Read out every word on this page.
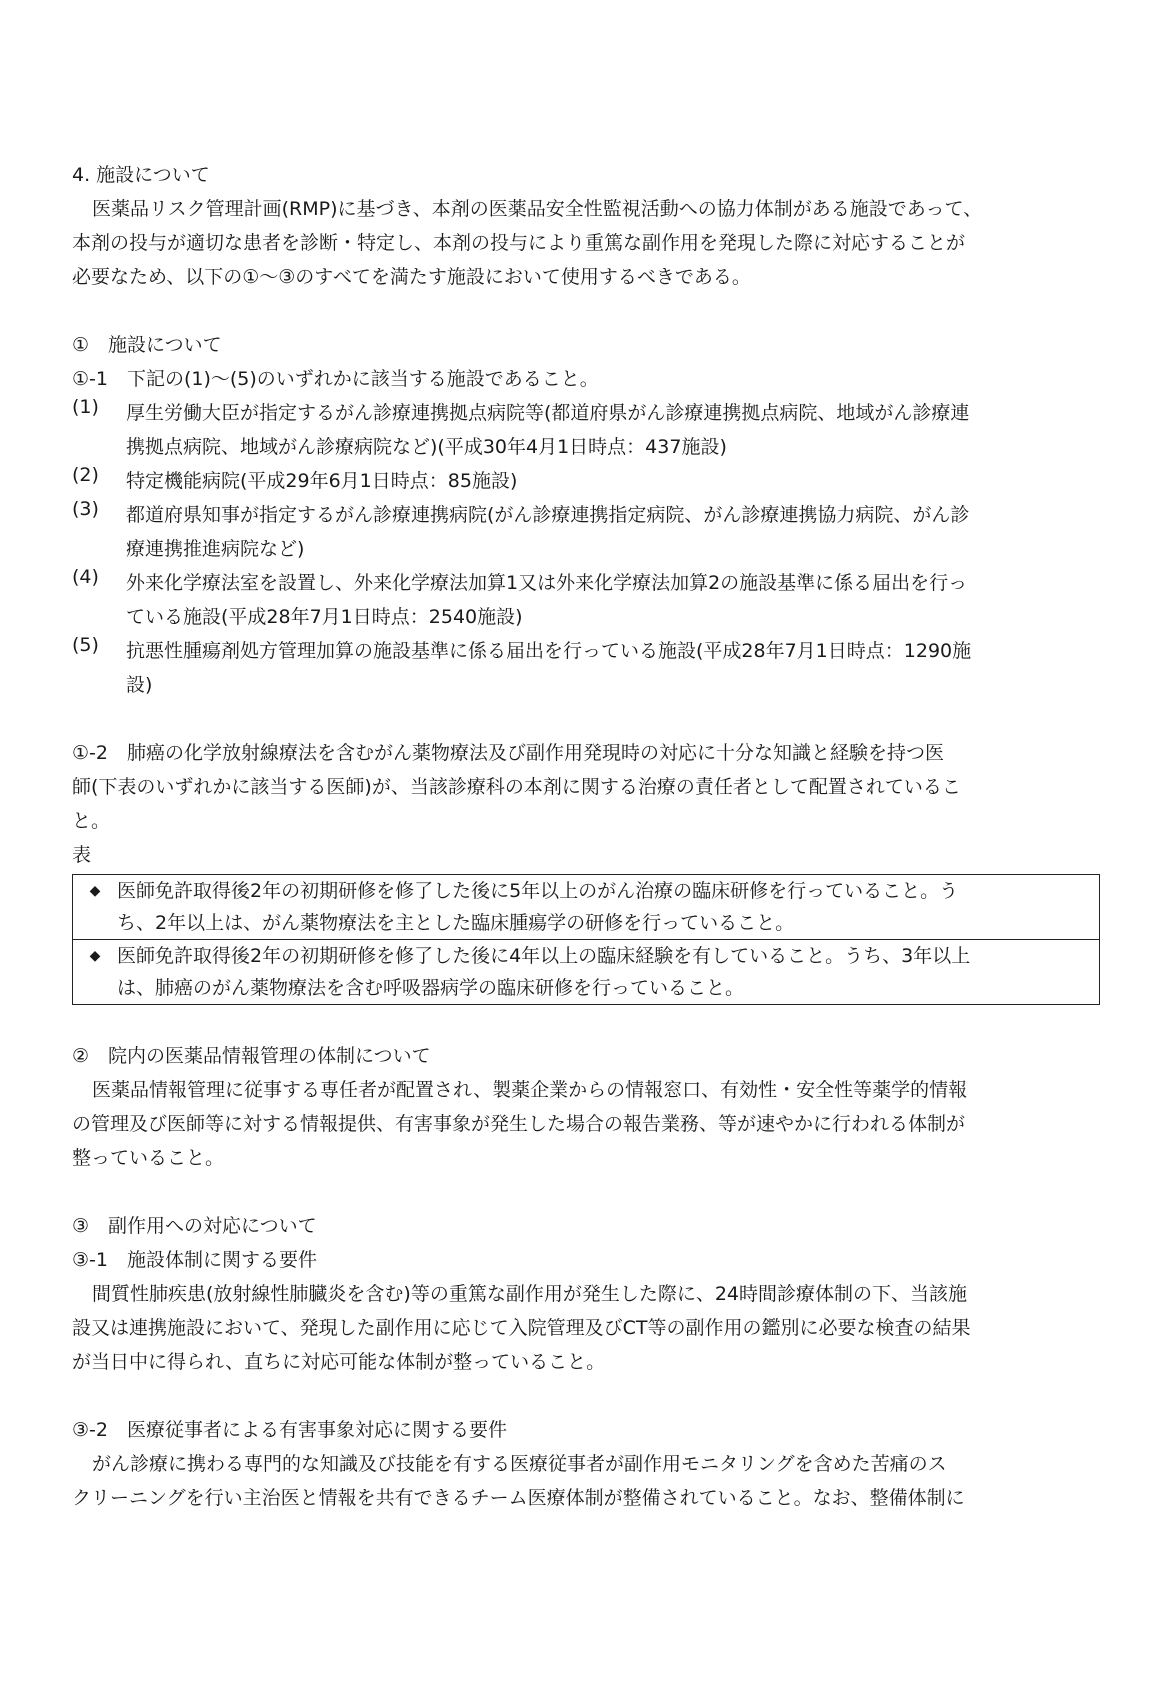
4. 施設について
医薬品リスク管理計画(RMP)に基づき、本剤の医薬品安全性監視活動への協力体制がある施設であって、
本剤の投与が適切な患者を診断・特定し、本剤の投与により重篤な副作用を発現した際に対応することが
必要なため、以下の①～③のすべてを満たす施設において使用するべきである。
①　施設について
①-1　下記の(1)～(5)のいずれかに該当する施設であること。
(1)	厚生労働大臣が指定するがん診療連携拠点病院等(都道府県がん診療連携拠点病院、地域がん診療連
携拠点病院、地域がん診療病院など)(平成30年4月1日時点：437施設)
(2)	特定機能病院(平成29年6月1日時点：85施設)
(3)	都道府県知事が指定するがん診療連携病院(がん診療連携指定病院、がん診療連携協力病院、がん診
療連携推進病院など)
(4)	外来化学療法室を設置し、外来化学療法加算1又は外来化学療法加算2の施設基準に係る届出を行っ
ている施設(平成28年7月1日時点：2540施設)
(5)	抗悪性腫瘍剤処方管理加算の施設基準に係る届出を行っている施設(平成28年7月1日時点：1290施
設)
①-2　肺癌の化学放射線療法を含むがん薬物療法及び副作用発現時の対応に十分な知識と経験を持つ医
師(下表のいずれかに該当する医師)が、当該診療科の本剤に関する治療の責任者として配置されているこ
と。
表
◆ 医師免許取得後2年の初期研修を修了した後に5年以上のがん治療の臨床研修を行っていること。う
ち、2年以上は、がん薬物療法を主とした臨床腫瘍学の研修を行っていること。

◆ 医師免許取得後2年の初期研修を修了した後に4年以上の臨床経験を有していること。うち、3年以上
は、肺癌のがん薬物療法を含む呼吸器病学の臨床研修を行っていること。
②　院内の医薬品情報管理の体制について
医薬品情報管理に従事する専任者が配置され、製薬企業からの情報窓口、有効性・安全性等薬学的情報
の管理及び医師等に対する情報提供、有害事象が発生した場合の報告業務、等が速やかに行われる体制が
整っていること。
③　副作用への対応について
③-1　施設体制に関する要件
間質性肺疾患(放射線性肺臓炎を含む)等の重篤な副作用が発生した際に、24時間診療体制の下、当該施
設又は連携施設において、発現した副作用に応じて入院管理及びCT等の副作用の鑑別に必要な検査の結果
が当日中に得られ、直ちに対応可能な体制が整っていること。
③-2　医療従事者による有害事象対応に関する要件
がん診療に携わる専門的な知識及び技能を有する医療従事者が副作用モニタリングを含めた苦痛のス
クリーニングを行い主治医と情報を共有できるチーム医療体制が整備されていること。なお、整備体制に
